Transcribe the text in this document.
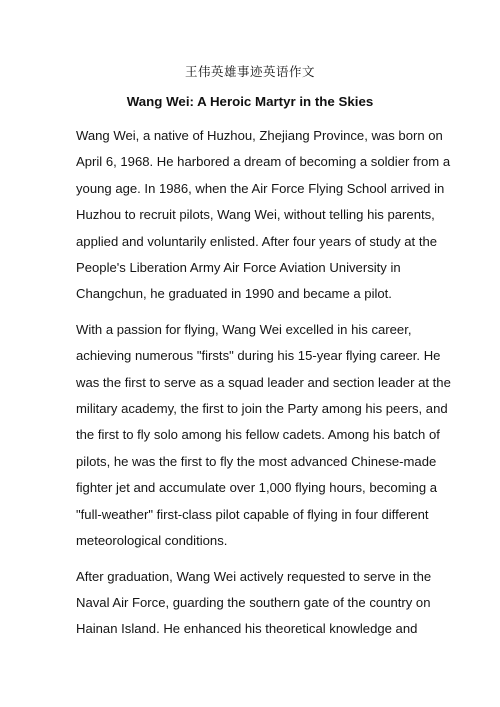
王伟英雄事迹英语作文
Wang Wei: A Heroic Martyr in the Skies

Wang Wei, a native of Huzhou, Zhejiang Province, was born on
April 6, 1968. He harbored a dream of becoming a soldier from a
young age. In 1986, when the Air Force Flying School arrived in
Huzhou to recruit pilots, Wang Wei, without telling his parents,
applied and voluntarily enlisted. After four years of study at the
People's Liberation Army Air Force Aviation University in
Changchun, he graduated in 1990 and became a pilot.

With a passion for flying, Wang Wei excelled in his career,
achieving numerous "firsts" during his 15-year flying career. He
was the first to serve as a squad leader and section leader at the
military academy, the first to join the Party among his peers, and
the first to fly solo among his fellow cadets. Among his batch of
pilots, he was the first to fly the most advanced Chinese-made
fighter jet and accumulate over 1,000 flying hours, becoming a
"full-weather" first-class pilot capable of flying in four different
meteorological conditions.

After graduation, Wang Wei actively requested to serve in the
Naval Air Force, guarding the southern gate of the country on
Hainan Island. He enhanced his theoretical knowledge and
